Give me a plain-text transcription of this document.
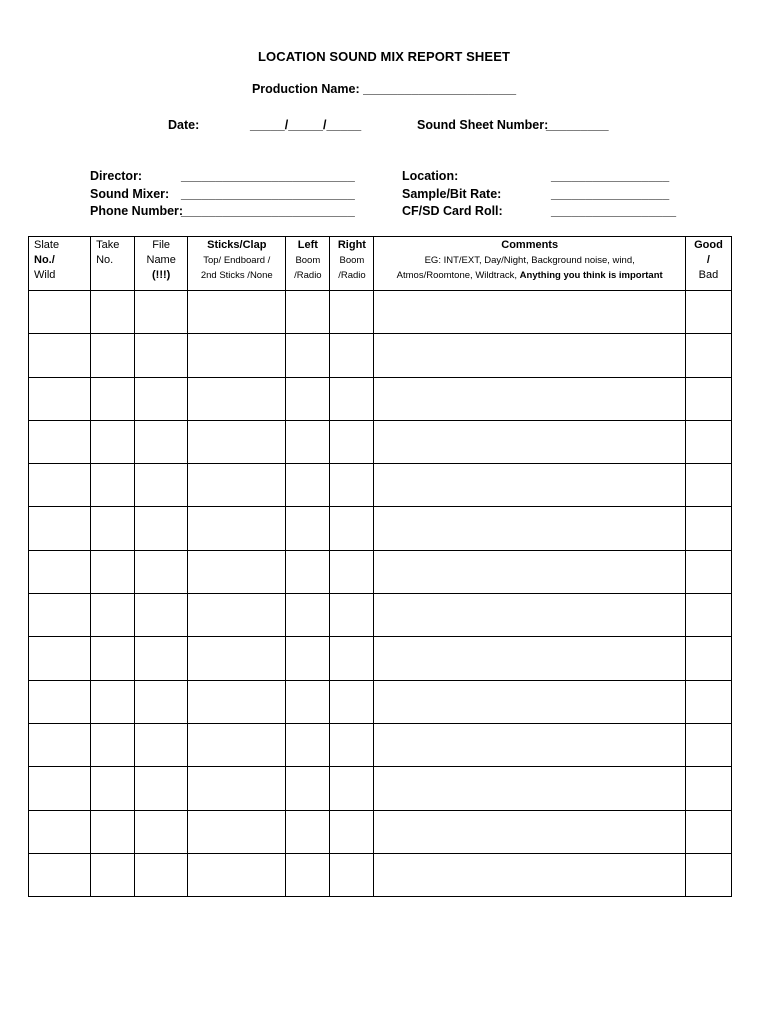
LOCATION SOUND MIX REPORT SHEET
Production Name: ______________________
Date:	_____/_____/_____	Sound Sheet Number:
_________
Director:	_________________________
Sound Mixer: _________________________
Phone Number:
_________________________
Location:	_________________
Sample/Bit Rate:	_________________
CF/SD Card Roll:	__________________
Slate
No./
Wild	Take
No.	File
Name
(!!!)	Sticks/Clap
Top/ Endboard /
2nd Sticks /None	Left
Boom
/Radio	Right
Boom
/Radio	Comments
EG: INT/EXT, Day/Night, Background noise, wind,
Atmos/Roomtone, Wildtrack, Anything you think is important	Good
/
Bad
